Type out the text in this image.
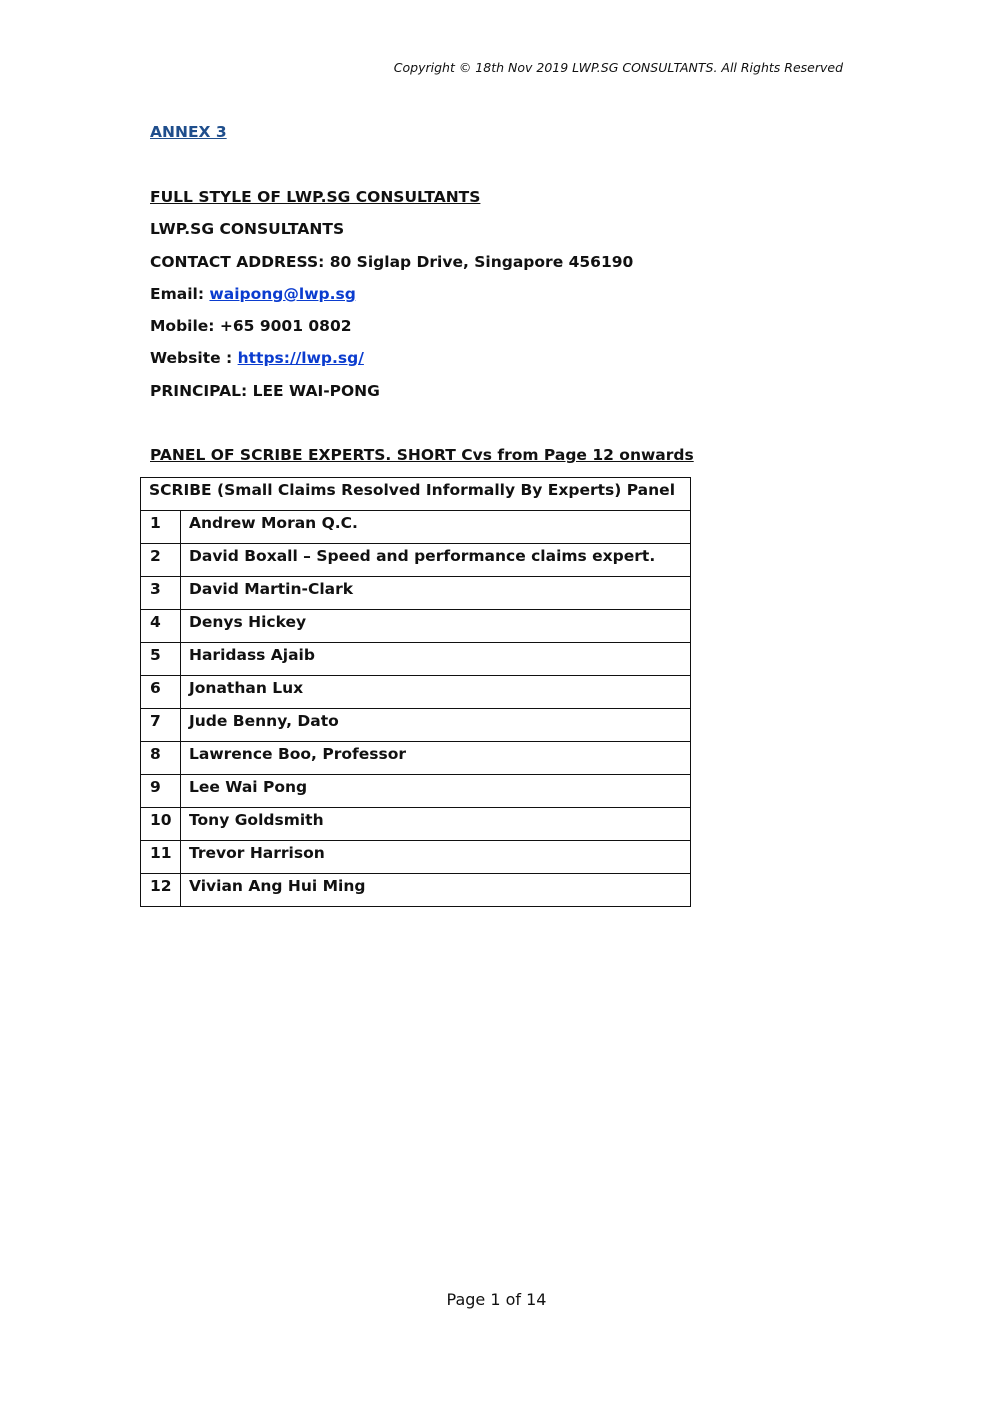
Copyright © 18th Nov 2019 LWP.SG CONSULTANTS. All Rights Reserved
ANNEX 3
FULL STYLE OF LWP.SG CONSULTANTS
LWP.SG CONSULTANTS
CONTACT ADDRESS: 80 Siglap Drive, Singapore 456190
Email: waipong@lwp.sg
Mobile: +65 9001 0802
Website : https://lwp.sg/
PRINCIPAL: LEE WAI-PONG
PANEL OF SCRIBE EXPERTS. SHORT Cvs from Page 12 onwards
SCRIBE (Small Claims Resolved Informally By Experts) Panel	
1	Andrew Moran Q.C.
2	David Boxall – Speed and performance claims expert.
3	David Martin-Clark
4	Denys Hickey
5	Haridass Ajaib
6	Jonathan Lux
7	Jude Benny, Dato
8	Lawrence Boo, Professor
9	Lee Wai Pong
10	Tony Goldsmith
11	Trevor Harrison
12	Vivian Ang Hui Ming
Page 1 of 14
